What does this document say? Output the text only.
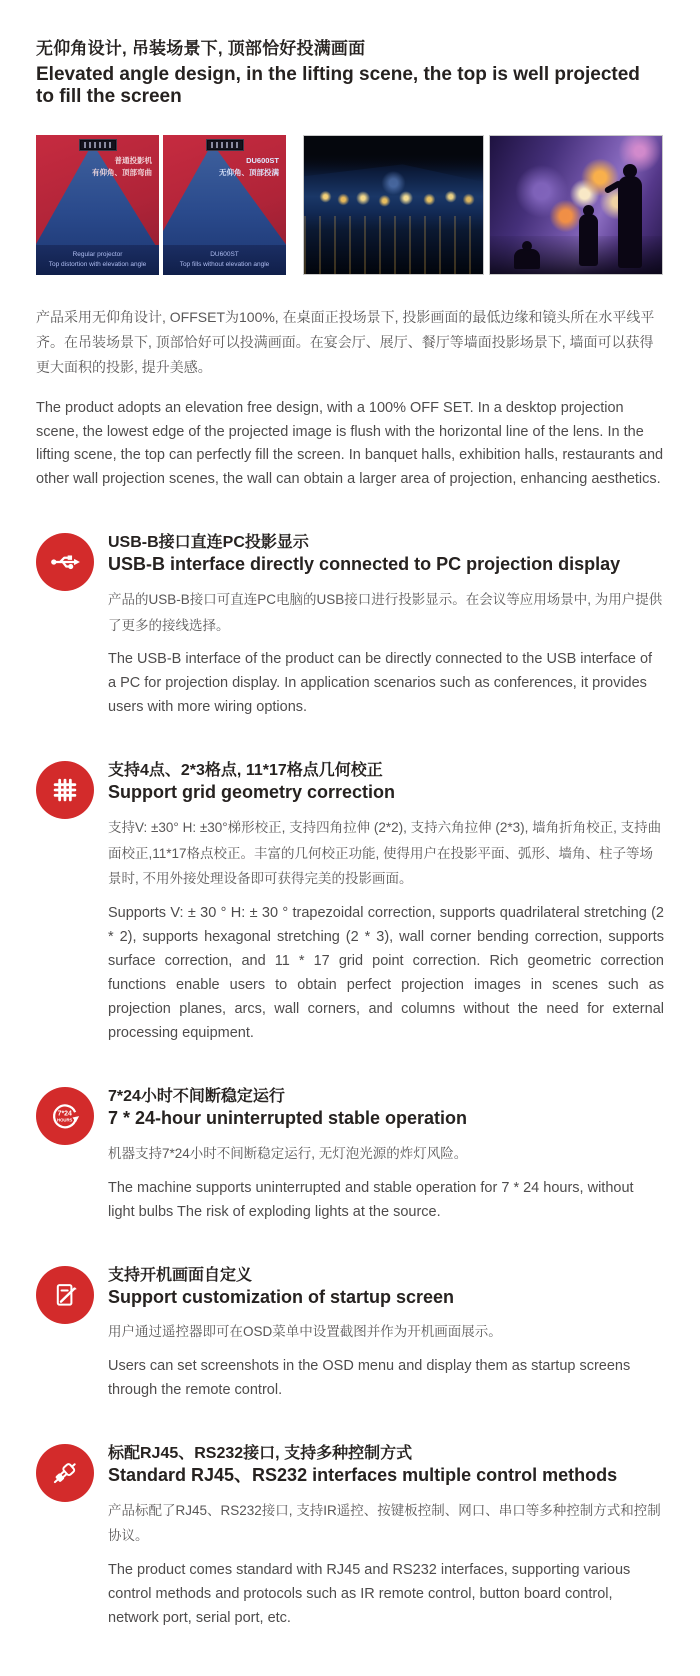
无仰角设计, 吊装场景下, 顶部恰好投满画面
Elevated angle design, in the lifting scene, the top is well projected to fill the screen
普通投影机
有仰角、顶部弯曲
Regular projector
Top distortion with elevation angle
DU600ST
无仰角、顶部投满
DU600ST
Top fills without elevation angle

产品采用无仰角设计, OFFSET为100%, 在桌面正投场景下, 投影画面的最低边缘和镜头所在水平线平齐。在吊装场景下, 顶部恰好可以投满画面。在宴会厅、展厅、餐厅等墙面投影场景下, 墙面可以获得更大面积的投影, 提升美感。

The product adopts an elevation free design, with a 100% OFF SET. In a desktop projection scene, the lowest edge of the projected image is flush with the horizontal line of the lens. In the lifting scene, the top can perfectly fill the screen. In banquet halls, exhibition halls, restaurants and other wall projection scenes, the wall can obtain a larger area of projection, enhancing aesthetics.

USB-B接口直连PC投影显示
USB-B interface directly connected to PC projection display

产品的USB-B接口可直连PC电脑的USB接口进行投影显示。在会议等应用场景中, 为用户提供了更多的接线选择。

The USB-B interface of the product can be directly connected to the USB interface of a PC for projection display. In application scenarios such as conferences, it provides users with more wiring options.

支持4点、2*3格点, 11*17格点几何校正
Support grid geometry correction

支持V: ±30° H: ±30°梯形校正, 支持四角拉伸 (2*2), 支持六角拉伸 (2*3), 墙角折角校正, 支持曲面校正,11*17格点校正。丰富的几何校正功能, 使得用户在投影平面、弧形、墙角、柱子等场景时, 不用外接处理设备即可获得完美的投影画面。

Supports V: ± 30 ° H: ± 30 ° trapezoidal correction, supports quadrilateral stretching (2 * 2), supports hexagonal stretching (2 * 3), wall corner bending correction, supports surface correction, and 11 * 17 grid point correction. Rich geometric correction functions enable users to obtain perfect projection images in scenes such as projection planes, arcs, wall corners, and columns without the need for external processing equipment.

7*24
HOURS
7*24小时不间断稳定运行
7 * 24-hour uninterrupted stable operation

机器支持7*24小时不间断稳定运行, 无灯泡光源的炸灯风险。

The machine supports uninterrupted and stable operation for 7 * 24 hours, without light bulbs The risk of exploding lights at the source.

支持开机画面自定义
Support customization of startup screen

用户通过遥控器即可在OSD菜单中设置截图并作为开机画面展示。

Users can set screenshots in the OSD menu and display them as startup screens through the remote control.

标配RJ45、RS232接口, 支持多种控制方式
Standard RJ45、RS232 interfaces multiple control methods

产品标配了RJ45、RS232接口, 支持IR遥控、按键板控制、网口、串口等多种控制方式和控制协议。

The product comes standard with RJ45 and RS232 interfaces, supporting various control methods and protocols such as IR remote control, button board control, network port, serial port, etc.
